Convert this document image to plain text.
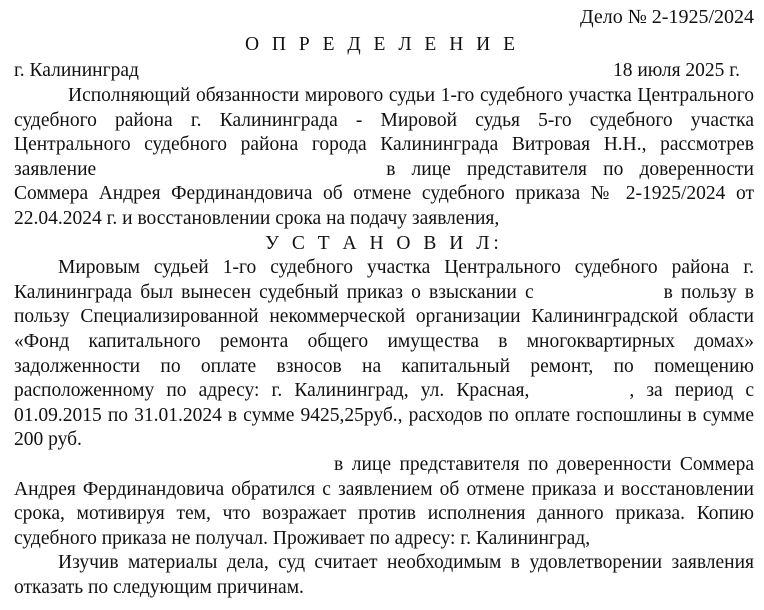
Дело № 2-1925/2024
О П Р Е Д Е Л Е Н И Е
г. Калининград	18 июля 2025 г.

Исполняющий обязанности мирового судьи 1-го судебного участка Центрального судебного района г. Калининграда - Мировой судья 5-го судебного участка Центрального судебного района города Калининграда Витровая Н.Н., рассмотрев заявление	в лице представителя по доверенности Соммера Андрея Фердинандовича об отмене судебного приказа № 2-1925/2024 от 22.04.2024 г. и восстановлении срока на подачу заявления,

У С Т А Н О В И Л:

Мировым судьей 1-го судебного участка Центрального судебного района г. Калининграда был вынесен судебный приказ о взыскании с	в пользу в пользу Специализированной некоммерческой организации Калининградской области «Фонд капитального ремонта общего имущества в многоквартирных домах» задолженности по оплате взносов на капитальный ремонт, по помещению расположенному по адресу: г. Калининград, ул. Красная,	, за период с 01.09.2015 по 31.01.2024 в сумме 9425,25руб., расходов по оплате госпошлины в сумме 200 руб.

в лице представителя по доверенности Соммера Андрея Фердинандовича обратился с заявлением об отмене приказа и восстановлении срока, мотивируя тем, что возражает против исполнения данного приказа. Копию судебного приказа не получал. Проживает по адресу: г. Калининград,

Изучив материалы дела, суд считает необходимым в удовлетворении заявления отказать по следующим причинам.
